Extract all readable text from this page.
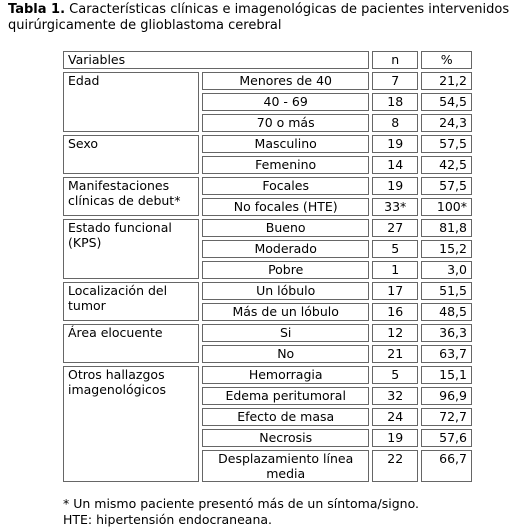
Tabla 1. Características clínicas e imagenológicas de pacientes intervenidos quirúrgicamente de glioblastoma cerebral
Variables		n	%
Edad	Menores de 40	7	21,2
	40 - 69	18	54,5
	70 o más	8	24,3
Sexo	Masculino	19	57,5
	Femenino	14	42,5
Manifestaciones clínicas de debut*	Focales	19	57,5
	No focales (HTE)	33*	100*
Estado funcional (KPS)	Bueno	27	81,8
	Moderado	5	15,2
	Pobre	1	3,0
Localización del tumor	Un lóbulo	17	51,5
	Más de un lóbulo	16	48,5
Área elocuente	Si	12	36,3
	No	21	63,7
Otros hallazgos imagenológicos	Hemorragia	5	15,1
	Edema peritumoral	32	96,9
	Efecto de masa	24	72,7
	Necrosis	19	57,6
	Desplazamiento línea media	22	66,7
* Un mismo paciente presentó más de un síntoma/signo.
HTE: hipertensión endocraneana.
